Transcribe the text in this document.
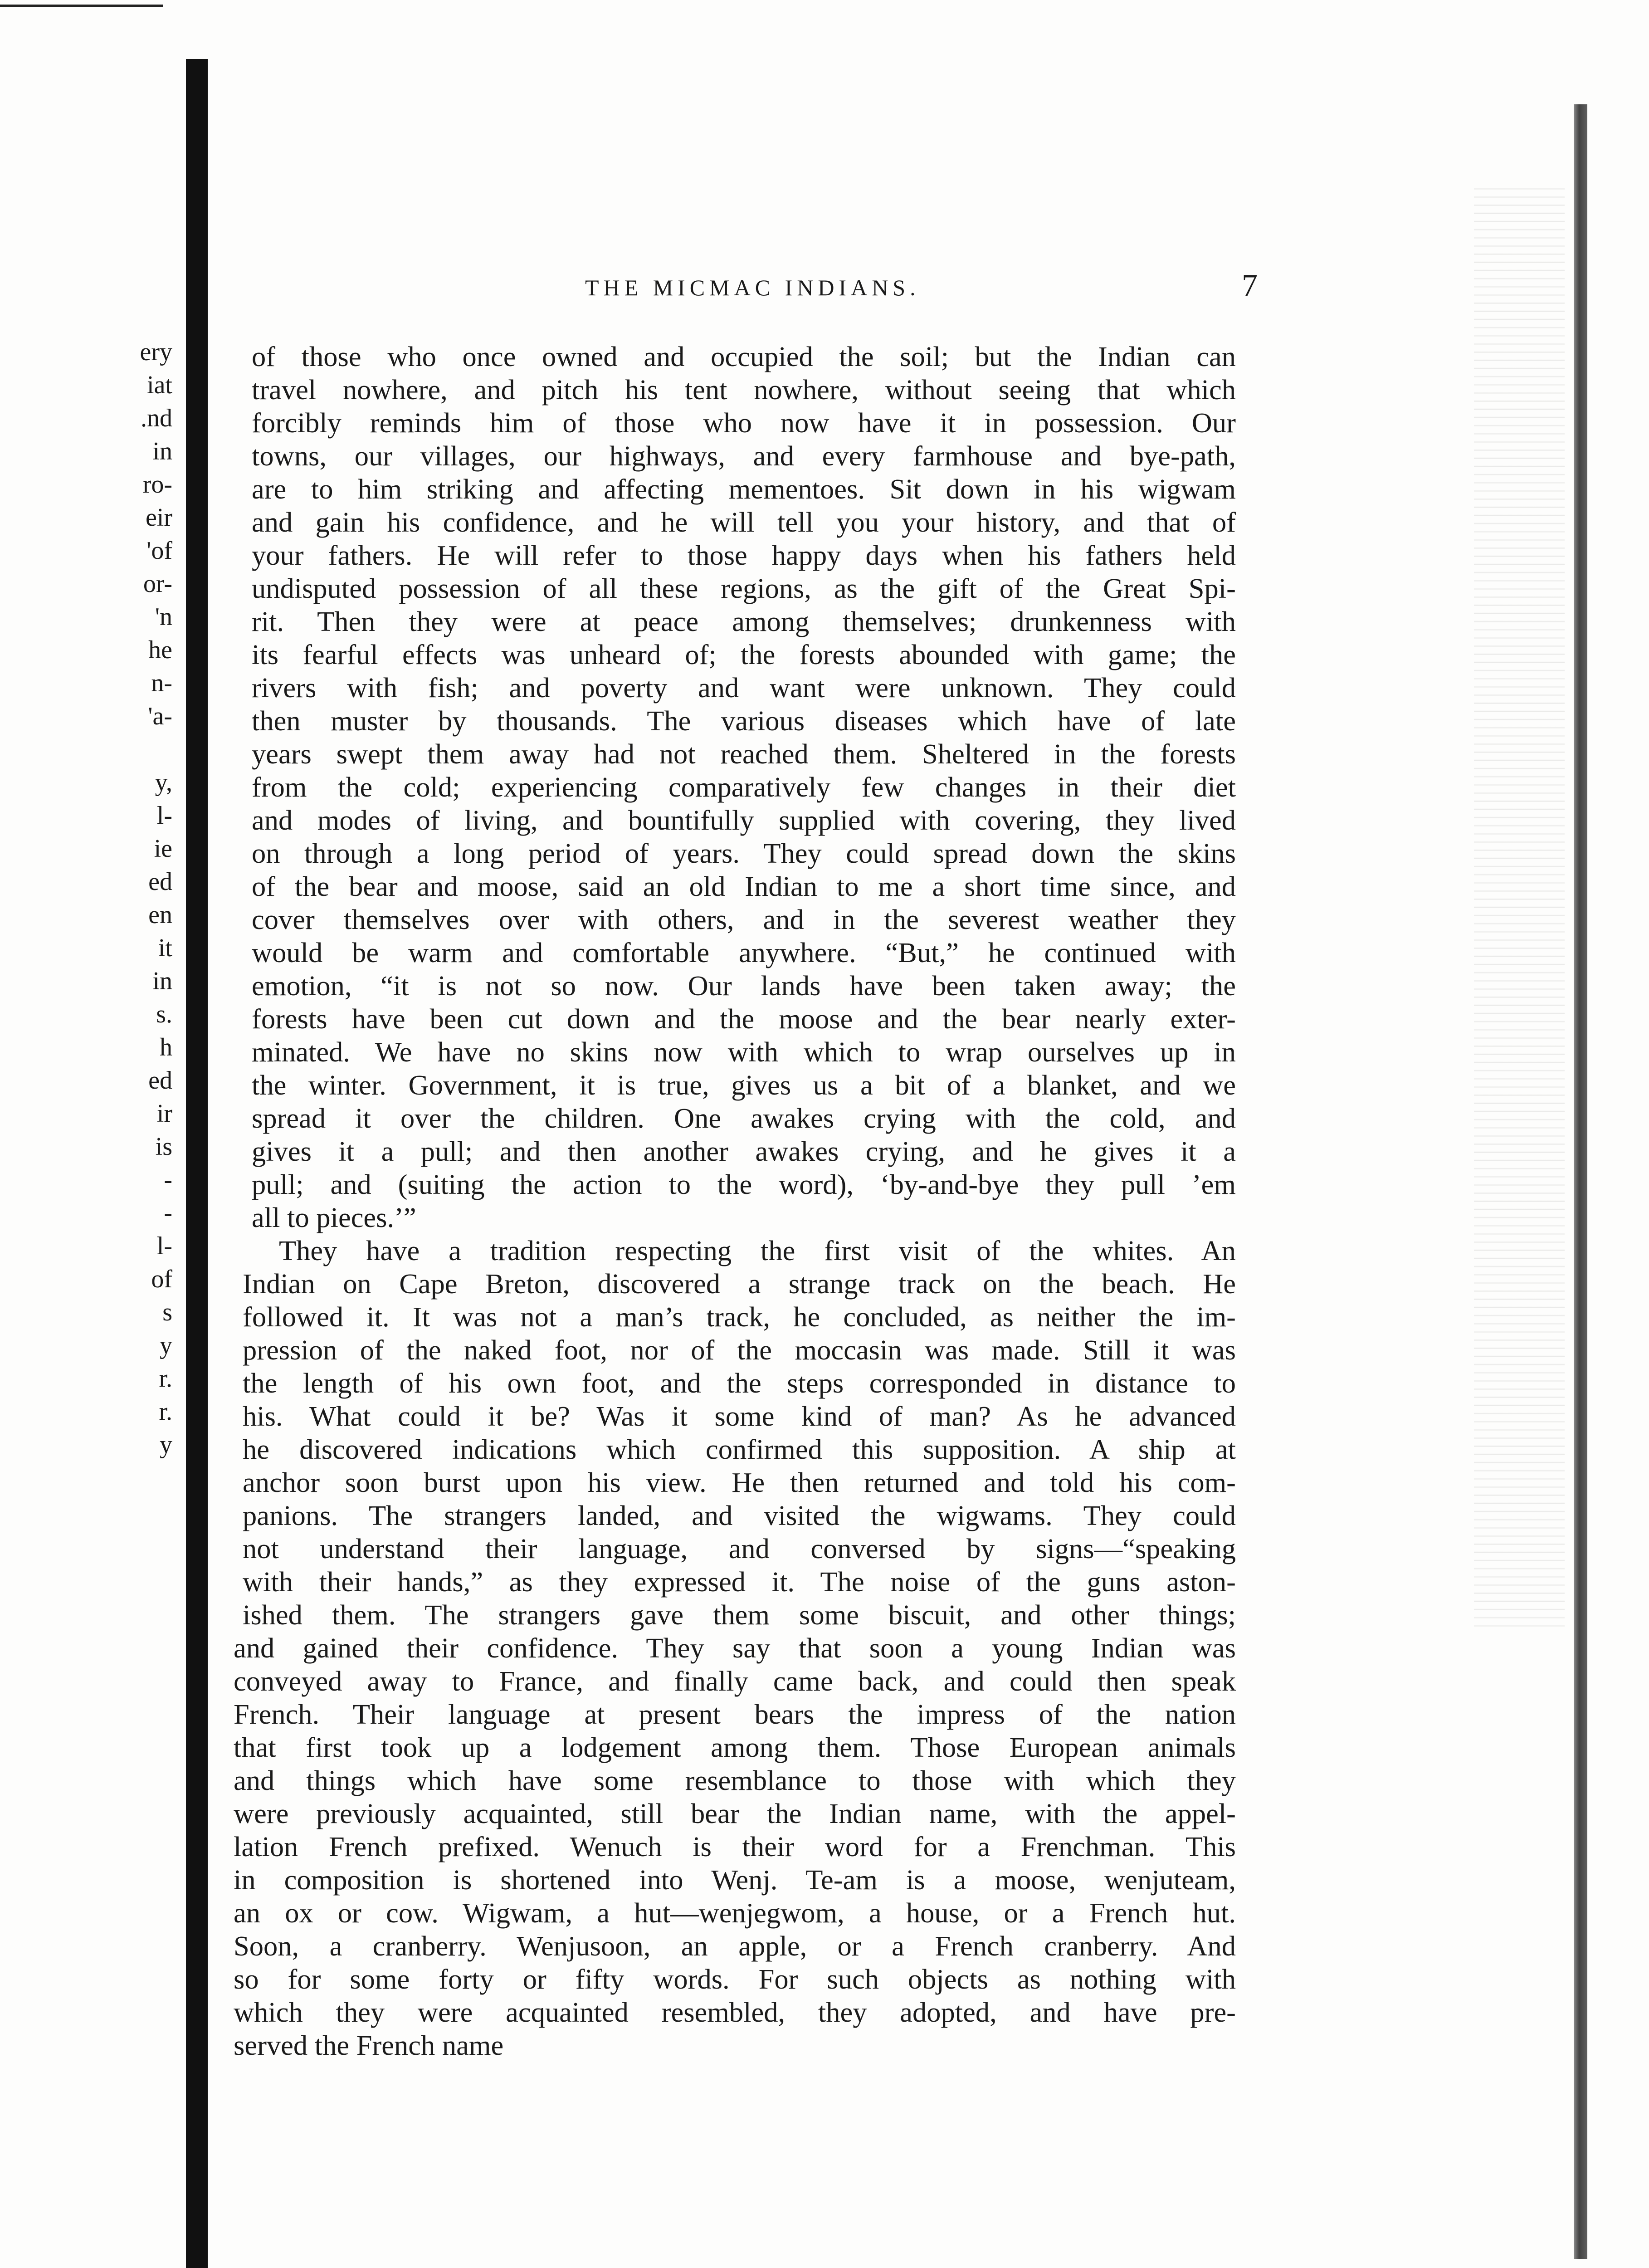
ery
iat
.nd
in
ro-
eir
'of
or-
'n
he
n-
'a-
y,
l-
ie
ed
en
it
in
s.
h
ed
ir
is
-
-
l-
of
s
y
r.
r.
y
THE MICMAC INDIANS.	7
of those who once owned and occupied the soil; but the Indian can
travel nowhere, and pitch his tent nowhere, without seeing that which
forcibly reminds him of those who now have it in possession. Our
towns, our villages, our highways, and every farmhouse and bye-path,
are to him striking and affecting mementoes. Sit down in his wigwam
and gain his confidence, and he will tell you your history, and that of
your fathers. He will refer to those happy days when his fathers held
undisputed possession of all these regions, as the gift of the Great Spi-
rit. Then they were at peace among themselves; drunkenness with
its fearful effects was unheard of; the forests abounded with game; the
rivers with fish; and poverty and want were unknown. They could
then muster by thousands. The various diseases which have of late
years swept them away had not reached them. Sheltered in the forests
from the cold; experiencing comparatively few changes in their diet
and modes of living, and bountifully supplied with covering, they lived
on through a long period of years. They could spread down the skins
of the bear and moose, said an old Indian to me a short time since, and
cover themselves over with others, and in the severest weather they
would be warm and comfortable anywhere. “But,” he continued with
emotion, “it is not so now. Our lands have been taken away; the
forests have been cut down and the moose and the bear nearly exter-
minated. We have no skins now with which to wrap ourselves up in
the winter. Government, it is true, gives us a bit of a blanket, and we
spread it over the children. One awakes crying with the cold, and
gives it a pull; and then another awakes crying, and he gives it a
pull; and (suiting the action to the word), ‘by-and-bye they pull ’em
all to pieces.’”
They have a tradition respecting the first visit of the whites. An
Indian on Cape Breton, discovered a strange track on the beach. He
followed it. It was not a man’s track, he concluded, as neither the im-
pression of the naked foot, nor of the moccasin was made. Still it was
the length of his own foot, and the steps corresponded in distance to
his. What could it be? Was it some kind of man? As he advanced
he discovered indications which confirmed this supposition. A ship at
anchor soon burst upon his view. He then returned and told his com-
panions. The strangers landed, and visited the wigwams. They could
not understand their language, and conversed by signs—“speaking
with their hands,” as they expressed it. The noise of the guns aston-
ished them. The strangers gave them some biscuit, and other things;
and gained their confidence. They say that soon a young Indian was
conveyed away to France, and finally came back, and could then speak
French. Their language at present bears the impress of the nation
that first took up a lodgement among them. Those European animals
and things which have some resemblance to those with which they
were previously acquainted, still bear the Indian name, with the appel-
lation French prefixed. Wenuch is their word for a Frenchman. This
in composition is shortened into Wenj. Te-am is a moose, wenjuteam,
an ox or cow. Wigwam, a hut—wenjegwom, a house, or a French hut.
Soon, a cranberry. Wenjusoon, an apple, or a French cranberry. And
so for some forty or fifty words. For such objects as nothing with
which they were acquainted resembled, they adopted, and have pre-
served the French name
